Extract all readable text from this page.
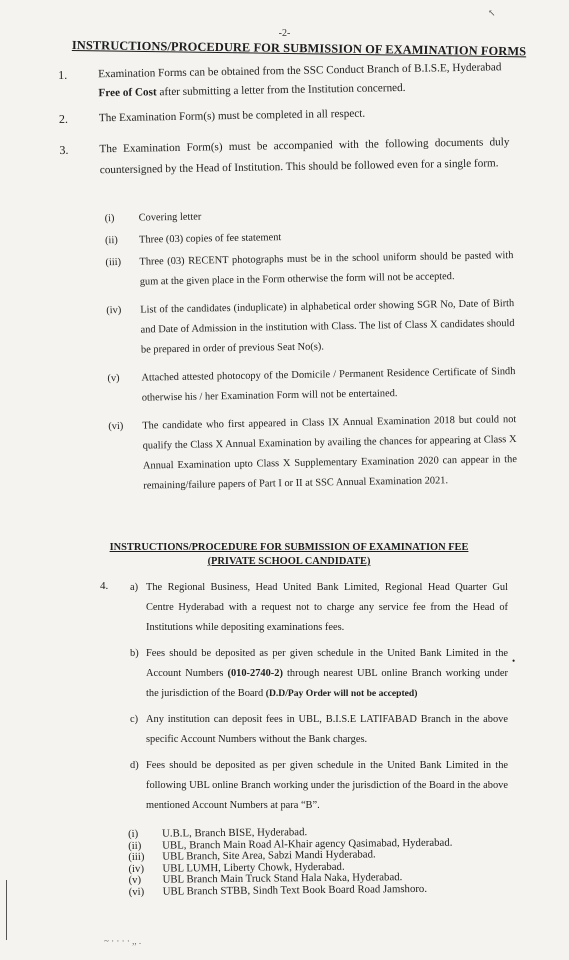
↖
-2-
INSTRUCTIONS/PROCEDURE FOR SUBMISSION OF EXAMINATION FORMS
1.	Examination Forms can be obtained from the SSC Conduct Branch of B.I.S.E, Hyderabad Free of Cost after submitting a letter from the Institution concerned.
2.	The Examination Form(s) must be completed in all respect.
3.	The Examination Form(s) must be accompanied with the following documents duly countersigned by the Head of Institution. This should be followed even for a single form.
(i)	Covering letter
(ii)	Three (03) copies of fee statement
(iii)	Three (03) RECENT photographs must be in the school uniform should be pasted with gum at the given place in the Form otherwise the form will not be accepted.
(iv)	List of the candidates (induplicate) in alphabetical order showing SGR No, Date of Birth and Date of Admission in the institution with Class. The list of Class X candidates should be prepared in order of previous Seat No(s).
(v)	Attached attested photocopy of the Domicile / Permanent Residence Certificate of Sindh otherwise his / her Examination Form will not be entertained.
(vi)	The candidate who first appeared in Class IX Annual Examination 2018 but could not qualify the Class X Annual Examination by availing the chances for appearing at Class X Annual Examination upto Class X Supplementary Examination 2020 can appear in the remaining/failure papers of Part I or II at SSC Annual Examination 2021.
INSTRUCTIONS/PROCEDURE FOR SUBMISSION OF EXAMINATION FEE
(PRIVATE SCHOOL CANDIDATE)
4. a) The Regional Business, Head United Bank Limited, Regional Head Quarter Gul Centre Hyderabad with a request not to charge any service fee from the Head of Institutions while depositing examinations fees.
b) Fees should be deposited as per given schedule in the United Bank Limited in the Account Numbers (010-2740-2) through nearest UBL online Branch working under the jurisdiction of the Board (D.D/Pay Order will not be accepted)
c) Any institution can deposit fees in UBL, B.I.S.E LATIFABAD Branch in the above specific Account Numbers without the Bank charges.
d) Fees should be deposited as per given schedule in the United Bank Limited in the following UBL online Branch working under the jurisdiction of the Board in the above mentioned Account Numbers at para “B”.
•
(i) U.B.L, Branch BISE, Hyderabad.
(ii) UBL, Branch Main Road Al-Khair agency Qasimabad, Hyderabad.
(iii) UBL Branch, Site Area, Sabzi Mandi Hyderabad.
(iv) UBL LUMH, Liberty Chowk, Hyderabad.
(v) UBL Branch Main Truck Stand Hala Naka, Hyderabad.
(vi) UBL Branch STBB, Sindh Text Book Board Road Jamshoro.
~ · · · · ,, .
